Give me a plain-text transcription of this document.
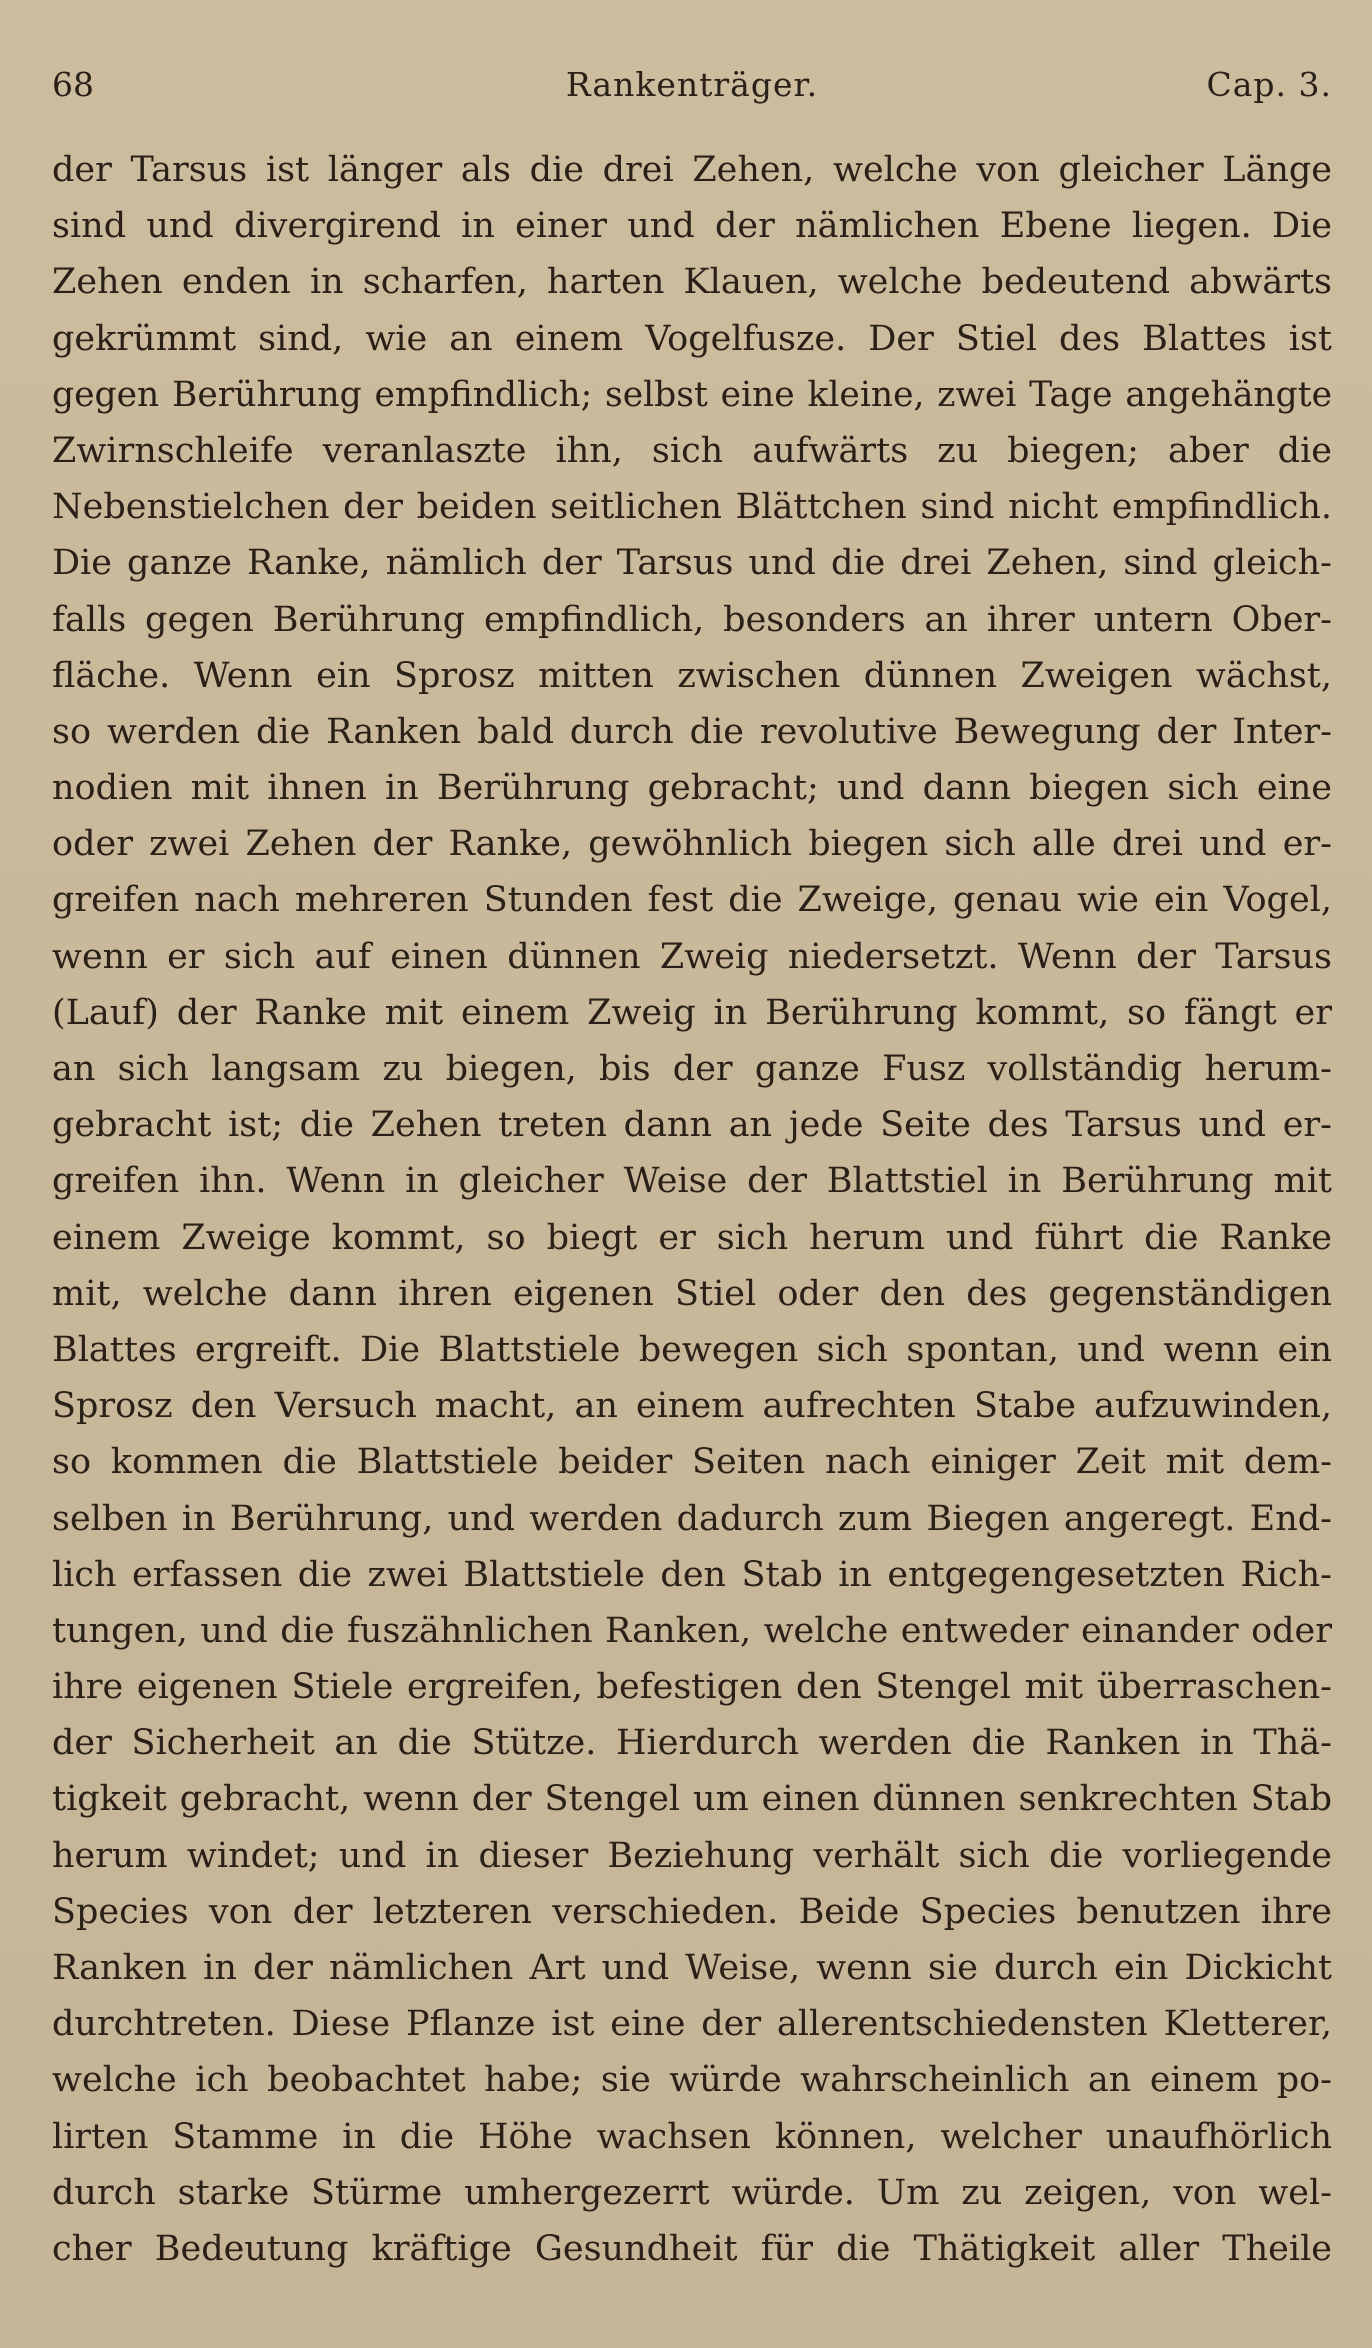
68	Rankenträger.	Cap. 3.
der Tarsus ist länger als die drei Zehen, welche von gleicher Länge
sind und divergirend in einer und der nämlichen Ebene liegen. Die
Zehen enden in scharfen, harten Klauen, welche bedeutend abwärts
gekrümmt sind, wie an einem Vogelfusze. Der Stiel des Blattes ist
gegen Berührung empfindlich; selbst eine kleine, zwei Tage angehängte
Zwirnschleife veranlaszte ihn, sich aufwärts zu biegen; aber die
Nebenstielchen der beiden seitlichen Blättchen sind nicht empfindlich.
Die ganze Ranke, nämlich der Tarsus und die drei Zehen, sind gleich-
falls gegen Berührung empfindlich, besonders an ihrer untern Ober-
fläche. Wenn ein Sprosz mitten zwischen dünnen Zweigen wächst,
so werden die Ranken bald durch die revolutive Bewegung der Inter-
nodien mit ihnen in Berührung gebracht; und dann biegen sich eine
oder zwei Zehen der Ranke, gewöhnlich biegen sich alle drei und er-
greifen nach mehreren Stunden fest die Zweige, genau wie ein Vogel,
wenn er sich auf einen dünnen Zweig niedersetzt. Wenn der Tarsus
(Lauf) der Ranke mit einem Zweig in Berührung kommt, so fängt er
an sich langsam zu biegen, bis der ganze Fusz vollständig herum-
gebracht ist; die Zehen treten dann an jede Seite des Tarsus und er-
greifen ihn. Wenn in gleicher Weise der Blattstiel in Berührung mit
einem Zweige kommt, so biegt er sich herum und führt die Ranke
mit, welche dann ihren eigenen Stiel oder den des gegenständigen
Blattes ergreift. Die Blattstiele bewegen sich spontan, und wenn ein
Sprosz den Versuch macht, an einem aufrechten Stabe aufzuwinden,
so kommen die Blattstiele beider Seiten nach einiger Zeit mit dem-
selben in Berührung, und werden dadurch zum Biegen angeregt. End-
lich erfassen die zwei Blattstiele den Stab in entgegengesetzten Rich-
tungen, und die fuszähnlichen Ranken, welche entweder einander oder
ihre eigenen Stiele ergreifen, befestigen den Stengel mit überraschen-
der Sicherheit an die Stütze. Hierdurch werden die Ranken in Thä-
tigkeit gebracht, wenn der Stengel um einen dünnen senkrechten Stab
herum windet; und in dieser Beziehung verhält sich die vorliegende
Species von der letzteren verschieden. Beide Species benutzen ihre
Ranken in der nämlichen Art und Weise, wenn sie durch ein Dickicht
durchtreten. Diese Pflanze ist eine der allerentschiedensten Kletterer,
welche ich beobachtet habe; sie würde wahrscheinlich an einem po-
lirten Stamme in die Höhe wachsen können, welcher unaufhörlich
durch starke Stürme umhergezerrt würde. Um zu zeigen, von wel-
cher Bedeutung kräftige Gesundheit für die Thätigkeit aller Theile
